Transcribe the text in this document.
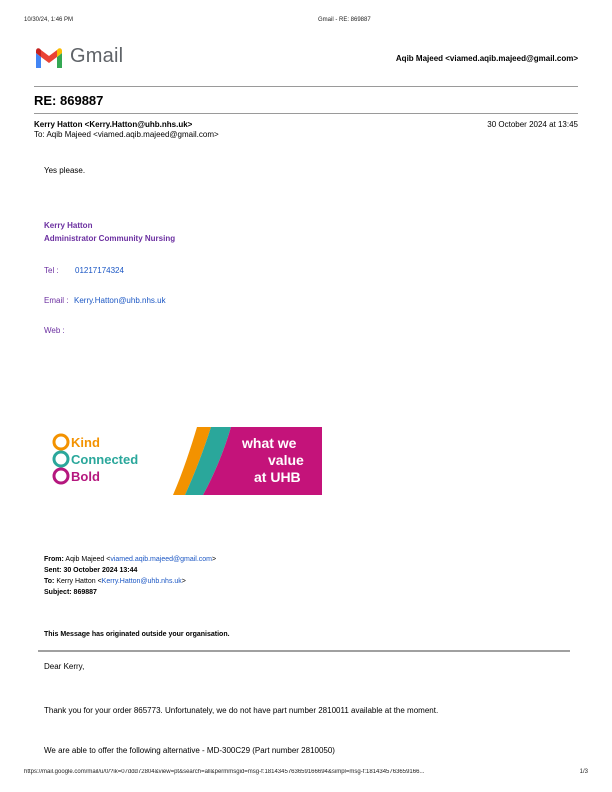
10/30/24, 1:46 PM	Gmail - RE: 869887
Gmail	Aqib Majeed <viamed.aqib.majeed@gmail.com>
RE: 869887
Kerry Hatton <Kerry.Hatton@uhb.nhs.uk>	30 October 2024 at 13:45
To: Aqib Majeed <viamed.aqib.majeed@gmail.com>
Yes please.
Kerry Hatton
Administrator Community Nursing
Tel : 01217174324
Email : Kerry.Hatton@uhb.nhs.uk
Web :
Kind
Connected
Bold
what we
value
at UHB
From: Aqib Majeed <viamed.aqib.majeed@gmail.com>
Sent: 30 October 2024 13:44
To: Kerry Hatton <Kerry.Hatton@uhb.nhs.uk>
Subject: 869887
This Message has originated outside your organisation.
Dear Kerry,
Thank you for your order 865773. Unfortunately, we do not have part number 2810011 available at the moment.
We are able to offer the following alternative - MD-300C29 (Part number 2810050)
https://mail.google.com/mail/u/0/?ik=07ddd72804&view=pt&search=all&permmsgid=msg-f:1814345763659166694&simpl=msg-f:1814345763659166...	1/3
